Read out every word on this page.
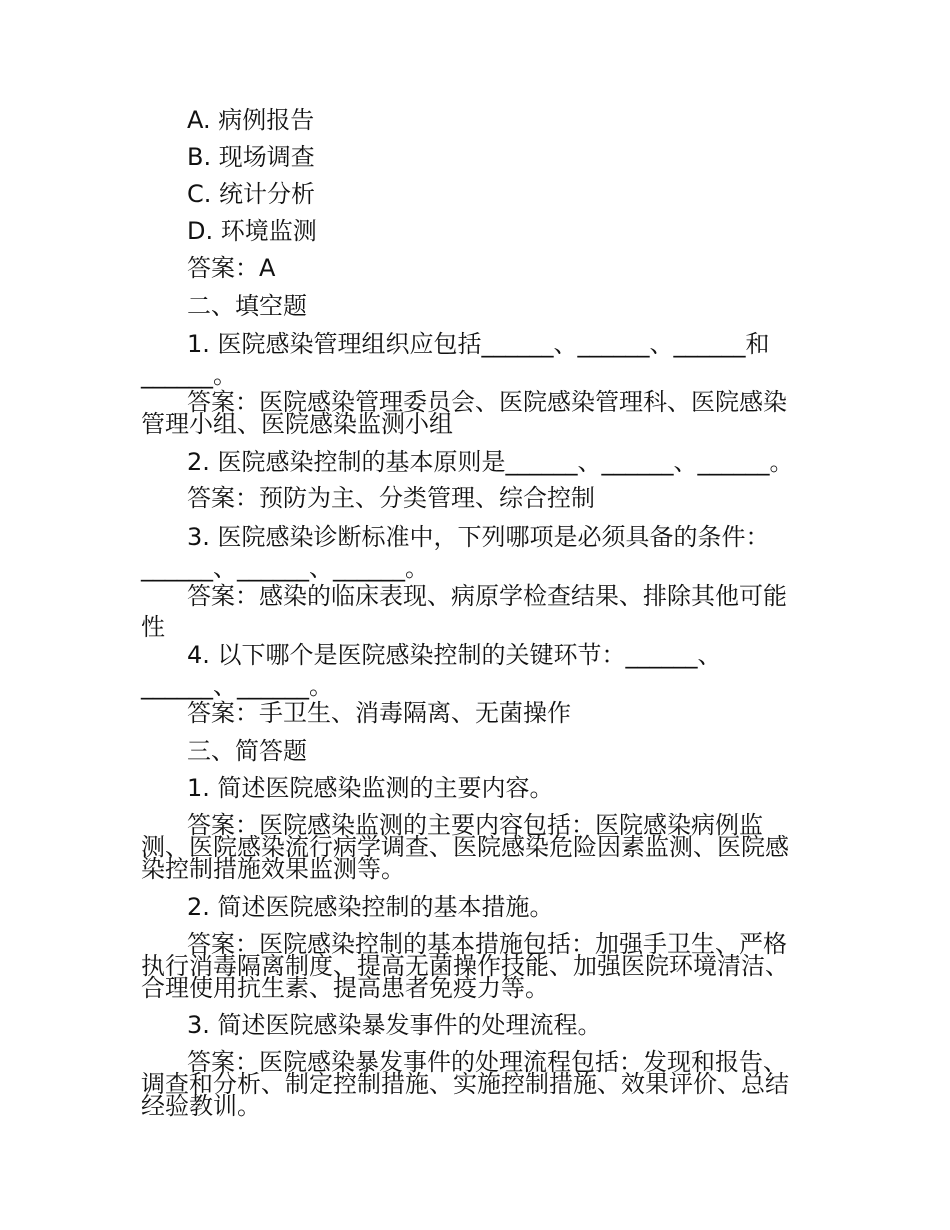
A. 病例报告
B. 现场调查
C. 统计分析
D. 环境监测
答案：A
二、填空题
1. 医院感染管理组织应包括______、______、______和______。
答案：医院感染管理委员会、医院感染管理科、医院感染管理小组、医院感染监测小组
2. 医院感染控制的基本原则是______、______、______。
答案：预防为主、分类管理、综合控制
3. 医院感染诊断标准中，下列哪项是必须具备的条件：______、______、______。
答案：感染的临床表现、病原学检查结果、排除其他可能性
4. 以下哪个是医院感染控制的关键环节：______、______、______。
答案：手卫生、消毒隔离、无菌操作
三、简答题
1. 简述医院感染监测的主要内容。
答案：医院感染监测的主要内容包括：医院感染病例监测、医院感染流行病学调查、医院感染危险因素监测、医院感染控制措施效果监测等。
2. 简述医院感染控制的基本措施。
答案：医院感染控制的基本措施包括：加强手卫生、严格执行消毒隔离制度、提高无菌操作技能、加强医院环境清洁、合理使用抗生素、提高患者免疫力等。
3. 简述医院感染暴发事件的处理流程。
答案：医院感染暴发事件的处理流程包括：发现和报告、调查和分析、制定控制措施、实施控制措施、效果评价、总结经验教训。
